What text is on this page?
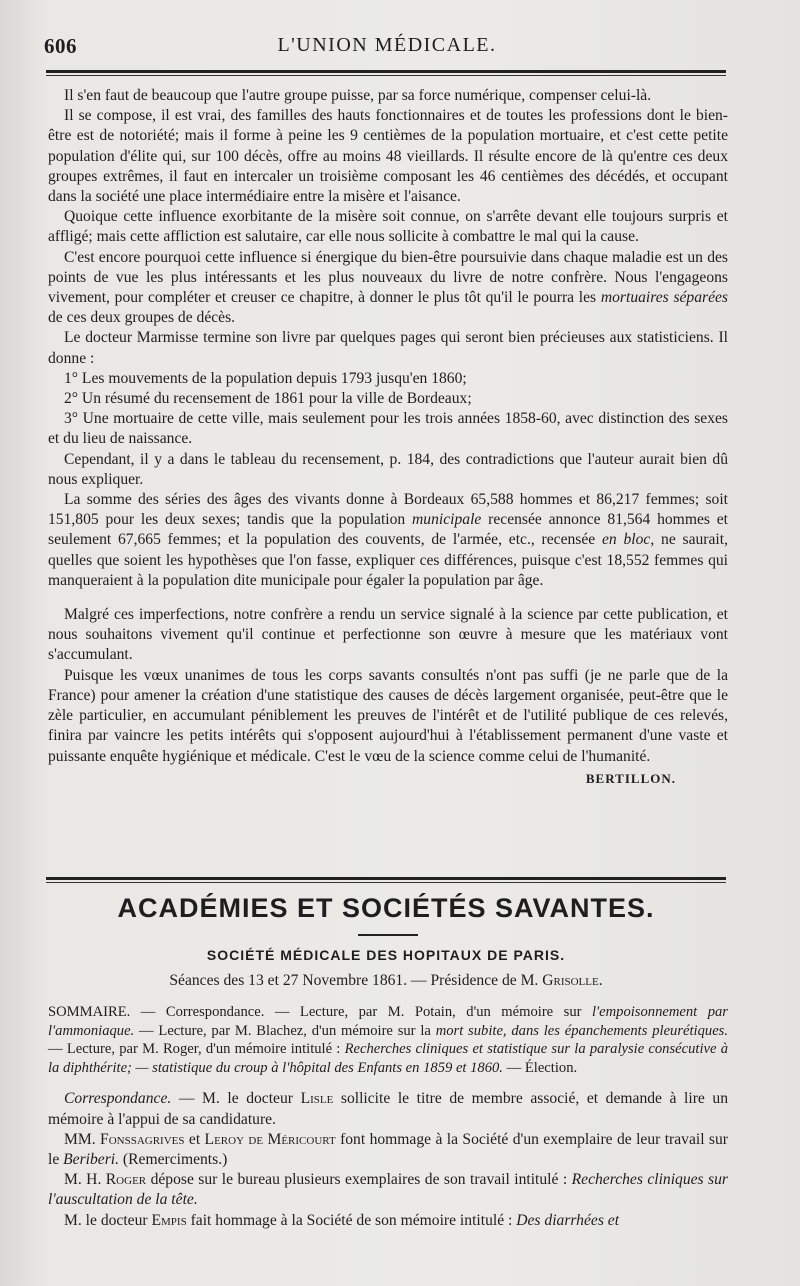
606	L'UNION MÉDICALE.

Il s'en faut de beaucoup que l'autre groupe puisse, par sa force numérique, compenser celui-là.

Il se compose, il est vrai, des familles des hauts fonctionnaires et de toutes les professions dont le bien-être est de notoriété; mais il forme à peine les 9 centièmes de la population mortuaire, et c'est cette petite population d'élite qui, sur 100 décès, offre au moins 48 vieillards. Il résulte encore de là qu'entre ces deux groupes extrêmes, il faut en intercaler un troisième composant les 46 centièmes des décédés, et occupant dans la société une place intermédiaire entre la misère et l'aisance.

Quoique cette influence exorbitante de la misère soit connue, on s'arrête devant elle toujours surpris et affligé; mais cette affliction est salutaire, car elle nous sollicite à combattre le mal qui la cause.

C'est encore pourquoi cette influence si énergique du bien-être poursuivie dans chaque maladie est un des points de vue les plus intéressants et les plus nouveaux du livre de notre confrère. Nous l'engageons vivement, pour compléter et creuser ce chapitre, à donner le plus tôt qu'il le pourra les mortuaires séparées de ces deux groupes de décès.

Le docteur Marmisse termine son livre par quelques pages qui seront bien précieuses aux statisticiens. Il donne :

1° Les mouvements de la population depuis 1793 jusqu'en 1860;

2° Un résumé du recensement de 1861 pour la ville de Bordeaux;

3° Une mortuaire de cette ville, mais seulement pour les trois années 1858-60, avec distinction des sexes et du lieu de naissance.

Cependant, il y a dans le tableau du recensement, p. 184, des contradictions que l'auteur aurait bien dû nous expliquer.

La somme des séries des âges des vivants donne à Bordeaux 65,588 hommes et 86,217 femmes; soit 151,805 pour les deux sexes; tandis que la population municipale recensée annonce 81,564 hommes et seulement 67,665 femmes; et la population des couvents, de l'armée, etc., recensée en bloc, ne saurait, quelles que soient les hypothèses que l'on fasse, expliquer ces différences, puisque c'est 18,552 femmes qui manqueraient à la population dite municipale pour égaler la population par âge.

Malgré ces imperfections, notre confrère a rendu un service signalé à la science par cette publication, et nous souhaitons vivement qu'il continue et perfectionne son œuvre à mesure que les matériaux vont s'accumulant.

Puisque les vœux unanimes de tous les corps savants consultés n'ont pas suffi (je ne parle que de la France) pour amener la création d'une statistique des causes de décès largement organisée, peut-être que le zèle particulier, en accumulant péniblement les preuves de l'intérêt et de l'utilité publique de ces relevés, finira par vaincre les petits intérêts qui s'opposent aujourd'hui à l'établissement permanent d'une vaste et puissante enquête hygiénique et médicale. C'est le vœu de la science comme celui de l'humanité.

BERTILLON.
ACADÉMIES ET SOCIÉTÉS SAVANTES.
SOCIÉTÉ MÉDICALE DES HOPITAUX DE PARIS.
Séances des 13 et 27 Novembre 1861. — Présidence de M. Grisolle.

SOMMAIRE. — Correspondance. — Lecture, par M. Potain, d'un mémoire sur l'empoisonnement par l'ammoniaque. — Lecture, par M. Blachez, d'un mémoire sur la mort subite, dans les épanchements pleurétiques. — Lecture, par M. Roger, d'un mémoire intitulé : Recherches cliniques et statistique sur la paralysie consécutive à la diphthérite; — statistique du croup à l'hôpital des Enfants en 1859 et 1860. — Élection.

Correspondance. — M. le docteur Lisle sollicite le titre de membre associé, et demande à lire un mémoire à l'appui de sa candidature.

MM. Fonssagrives et Leroy de Méricourt font hommage à la Société d'un exemplaire de leur travail sur le Beriberi. (Remerciments.)

M. H. Roger dépose sur le bureau plusieurs exemplaires de son travail intitulé : Recherches cliniques sur l'auscultation de la tête.

M. le docteur Empis fait hommage à la Société de son mémoire intitulé : Des diarrhées et
